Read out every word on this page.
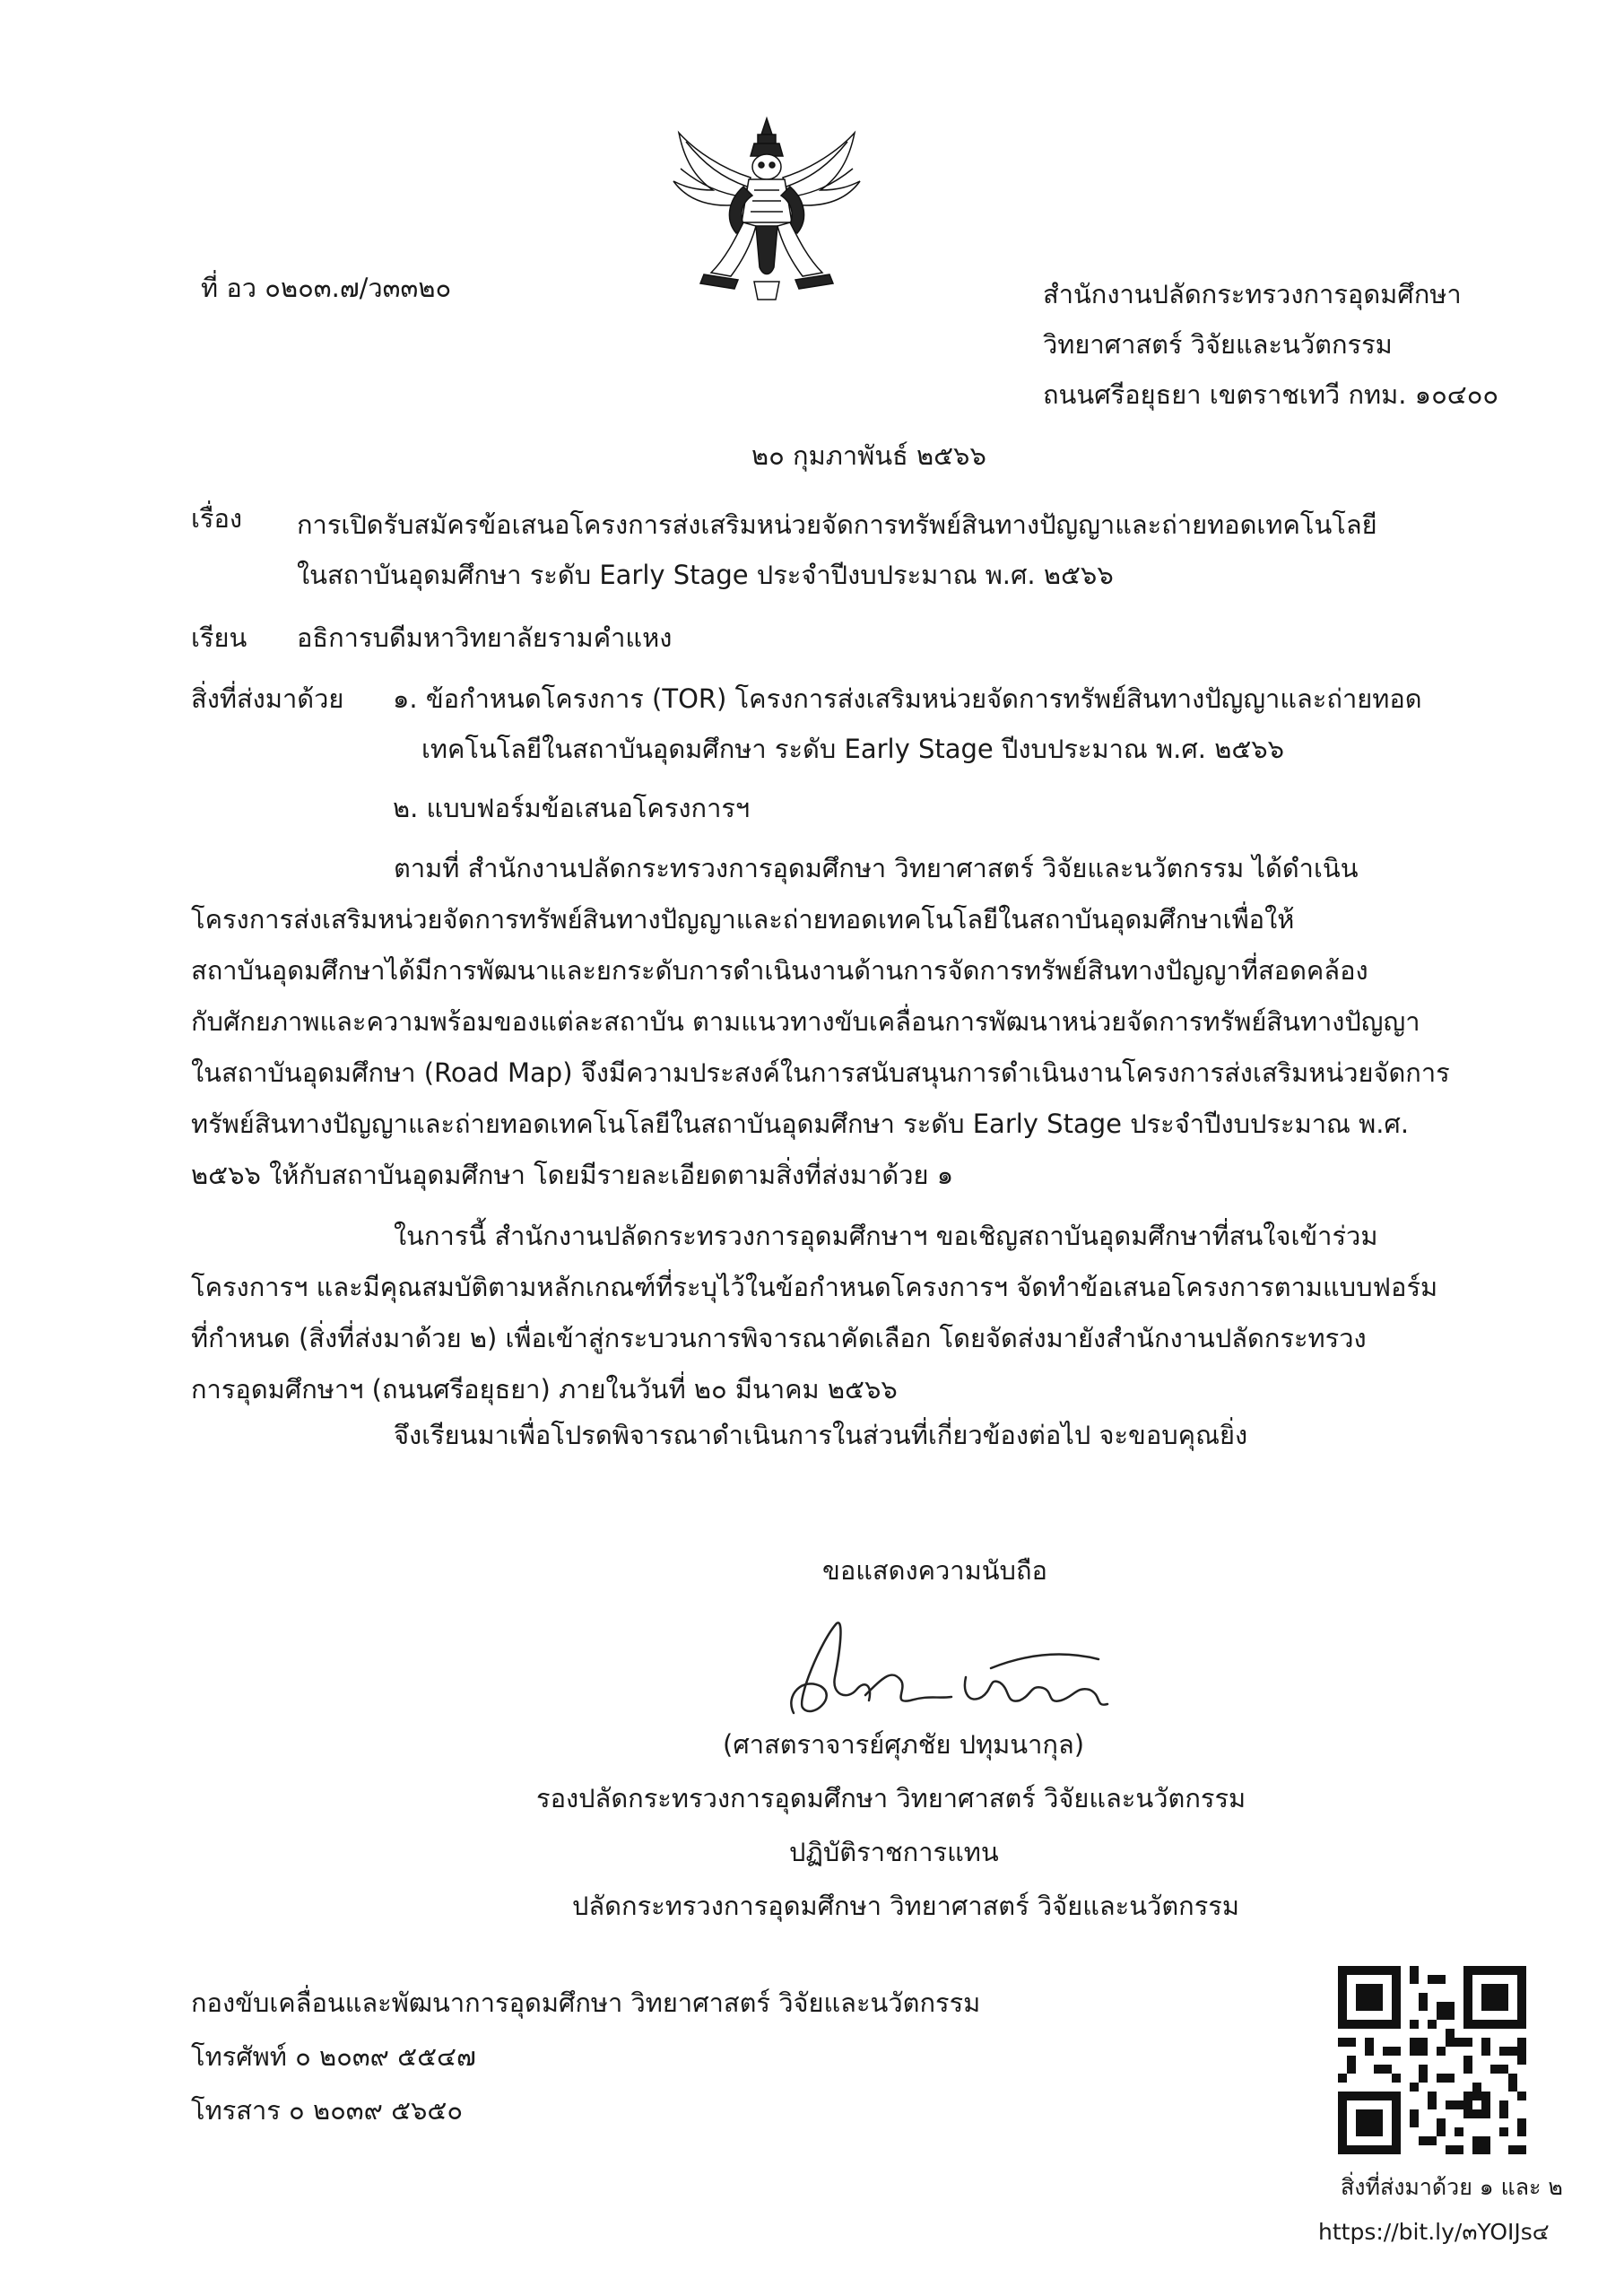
ที่ อว ๐๒๐๓.๗/ว๓๓๒๐	สำนักงานปลัดกระทรวงการอุดมศึกษา
วิทยาศาสตร์ วิจัยและนวัตกรรม
ถนนศรีอยุธยา เขตราชเทวี กทม. ๑๐๔๐๐
๒๐ กุมภาพันธ์ ๒๕๖๖
เรื่อง การเปิดรับสมัครข้อเสนอโครงการส่งเสริมหน่วยจัดการทรัพย์สินทางปัญญาและถ่ายทอดเทคโนโลยี
ในสถาบันอุดมศึกษา ระดับ Early Stage ประจำปีงบประมาณ พ.ศ. ๒๕๖๖
เรียน อธิการบดีมหาวิทยาลัยรามคำแหง
สิ่งที่ส่งมาด้วย ๑. ข้อกำหนดโครงการ (TOR) โครงการส่งเสริมหน่วยจัดการทรัพย์สินทางปัญญาและถ่ายทอด
เทคโนโลยีในสถาบันอุดมศึกษา ระดับ Early Stage ปีงบประมาณ พ.ศ. ๒๕๖๖
๒. แบบฟอร์มข้อเสนอโครงการฯ
ตามที่ สำนักงานปลัดกระทรวงการอุดมศึกษา วิทยาศาสตร์ วิจัยและนวัตกรรม ได้ดำเนิน
โครงการส่งเสริมหน่วยจัดการทรัพย์สินทางปัญญาและถ่ายทอดเทคโนโลยีในสถาบันอุดมศึกษาเพื่อให้
สถาบันอุดมศึกษาได้มีการพัฒนาและยกระดับการดำเนินงานด้านการจัดการทรัพย์สินทางปัญญาที่สอดคล้อง
กับศักยภาพและความพร้อมของแต่ละสถาบัน ตามแนวทางขับเคลื่อนการพัฒนาหน่วยจัดการทรัพย์สินทางปัญญา
ในสถาบันอุดมศึกษา (Road Map) จึงมีความประสงค์ในการสนับสนุนการดำเนินงานโครงการส่งเสริมหน่วยจัดการ
ทรัพย์สินทางปัญญาและถ่ายทอดเทคโนโลยีในสถาบันอุดมศึกษา ระดับ Early Stage ประจำปีงบประมาณ พ.ศ.
๒๕๖๖ ให้กับสถาบันอุดมศึกษา โดยมีรายละเอียดตามสิ่งที่ส่งมาด้วย ๑
ในการนี้ สำนักงานปลัดกระทรวงการอุดมศึกษาฯ ขอเชิญสถาบันอุดมศึกษาที่สนใจเข้าร่วม
โครงการฯ และมีคุณสมบัติตามหลักเกณฑ์ที่ระบุไว้ในข้อกำหนดโครงการฯ จัดทำข้อเสนอโครงการตามแบบฟอร์ม
ที่กำหนด (สิ่งที่ส่งมาด้วย ๒) เพื่อเข้าสู่กระบวนการพิจารณาคัดเลือก โดยจัดส่งมายังสำนักงานปลัดกระทรวง
การอุดมศึกษาฯ (ถนนศรีอยุธยา) ภายในวันที่ ๒๐ มีนาคม ๒๕๖๖
จึงเรียนมาเพื่อโปรดพิจารณาดำเนินการในส่วนที่เกี่ยวข้องต่อไป จะขอบคุณยิ่ง
ขอแสดงความนับถือ
(ศาสตราจารย์ศุภชัย ปทุมนากุล)
รองปลัดกระทรวงการอุดมศึกษา วิทยาศาสตร์ วิจัยและนวัตกรรม
ปฏิบัติราชการแทน
ปลัดกระทรวงการอุดมศึกษา วิทยาศาสตร์ วิจัยและนวัตกรรม
กองขับเคลื่อนและพัฒนาการอุดมศึกษา วิทยาศาสตร์ วิจัยและนวัตกรรม
โทรศัพท์ ๐ ๒๐๓๙ ๕๕๔๗
โทรสาร ๐ ๒๐๓๙ ๕๖๕๐
สิ่งที่ส่งมาด้วย ๑ และ ๒
https://bit.ly/๓YOIJs๔
